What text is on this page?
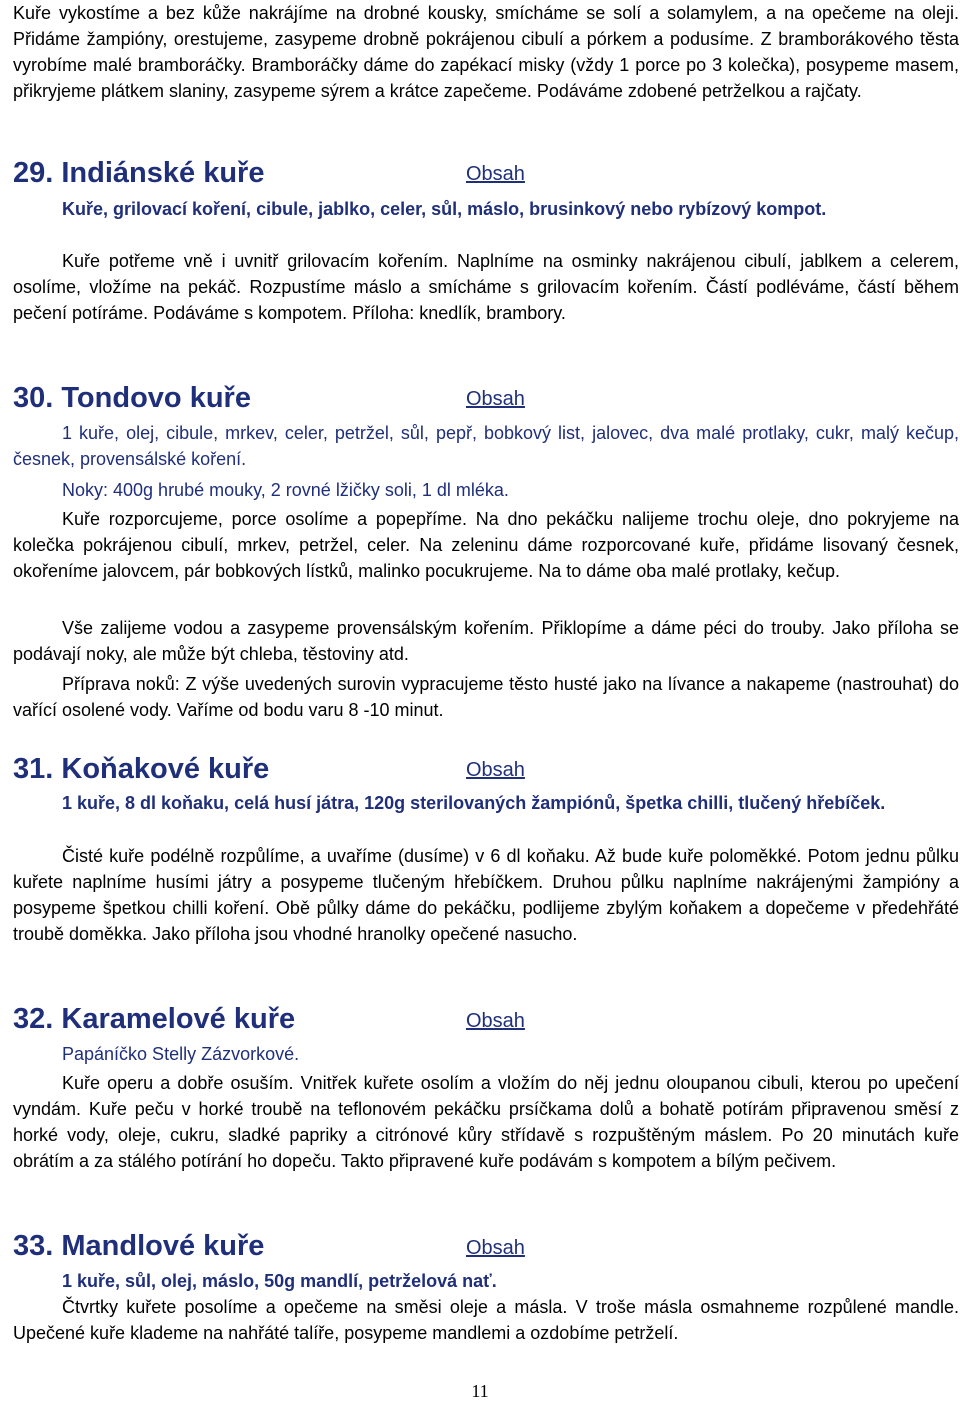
Kuře vykostíme a bez kůže nakrájíme na drobné kousky, smícháme se solí a solamylem, a na opečeme na oleji. Přidáme žampióny, orestujeme, zasypeme drobně pokrájenou cibulí a pórkem a podusíme. Z bramborákového těsta vyrobíme malé bramboráčky. Bramboráčky dáme do zapékací misky (vždy 1 porce po 3 kolečka), posypeme masem, přikryjeme plátkem slaniny, zasypeme sýrem a krátce zapečeme. Podáváme zdobené petrželkou a rajčaty.

29. Indiánské kuře	Obsah

Kuře, grilovací koření, cibule, jablko, celer, sůl, máslo, brusinkový nebo rybízový kompot.

Kuře potřeme vně i uvnitř grilovacím kořením. Naplníme na osminky nakrájenou cibulí, jablkem a celerem, osolíme, vložíme na pekáč. Rozpustíme máslo a smícháme s grilovacím kořením. Částí podléváme, částí během pečení potíráme. Podáváme s kompotem. Příloha: knedlík, brambory.

30. Tondovo kuře	Obsah

1 kuře, olej, cibule, mrkev, celer, petržel, sůl, pepř, bobkový list, jalovec, dva malé protlaky, cukr, malý kečup, česnek, provensálské koření.

Noky: 400g hrubé mouky, 2 rovné lžičky soli, 1 dl mléka.

Kuře rozporcujeme, porce osolíme a popepříme. Na dno pekáčku nalijeme trochu oleje, dno pokryjeme na kolečka pokrájenou cibulí, mrkev, petržel, celer. Na zeleninu dáme rozporcované kuře, přidáme lisovaný česnek, okořeníme jalovcem, pár bobkových lístků, malinko pocukrujeme. Na to dáme oba malé protlaky, kečup.

Vše zalijeme vodou a zasypeme provensálským kořením. Přiklopíme a dáme péci do trouby. Jako příloha se podávají noky, ale může být chleba, těstoviny atd.

Příprava noků: Z výše uvedených surovin vypracujeme těsto husté jako na lívance a nakapeme (nastrouhat) do vařící osolené vody. Vaříme od bodu varu 8 -10 minut.

31. Koňakové kuře	Obsah

1 kuře, 8 dl koňaku, celá husí játra, 120g sterilovaných žampiónů, špetka chilli, tlučený hřebíček.

Čisté kuře podélně rozpůlíme, a uvaříme (dusíme) v 6 dl koňaku. Až bude kuře poloměkké. Potom jednu půlku kuřete naplníme husími játry a posypeme tlučeným hřebíčkem. Druhou půlku naplníme nakrájenými žampióny a posypeme špetkou chilli koření. Obě půlky dáme do pekáčku, podlijeme zbylým koňakem a dopečeme v předehřáté troubě doměkka. Jako příloha jsou vhodné hranolky opečené nasucho.

32. Karamelové kuře	Obsah

Papáníčko Stelly Zázvorkové.

Kuře operu a dobře osuším. Vnitřek kuřete osolím a vložím do něj jednu oloupanou cibuli, kterou po upečení vyndám. Kuře peču v horké troubě na teflonovém pekáčku prsíčkama dolů a bohatě potírám připravenou směsí z horké vody, oleje, cukru, sladké papriky a citrónové kůry střídavě s rozpuštěným máslem. Po 20 minutách kuře obrátím a za stálého potírání ho dopeču. Takto připravené kuře podávám s kompotem a bílým pečivem.

33. Mandlové kuře	Obsah

1 kuře, sůl, olej, máslo, 50g mandlí, petrželová nať.

Čtvrtky kuřete posolíme a opečeme na směsi oleje a másla. V troše másla osmahneme rozpůlené mandle. Upečené kuře klademe na nahřáté talíře, posypeme mandlemi a ozdobíme petrželí.

11
